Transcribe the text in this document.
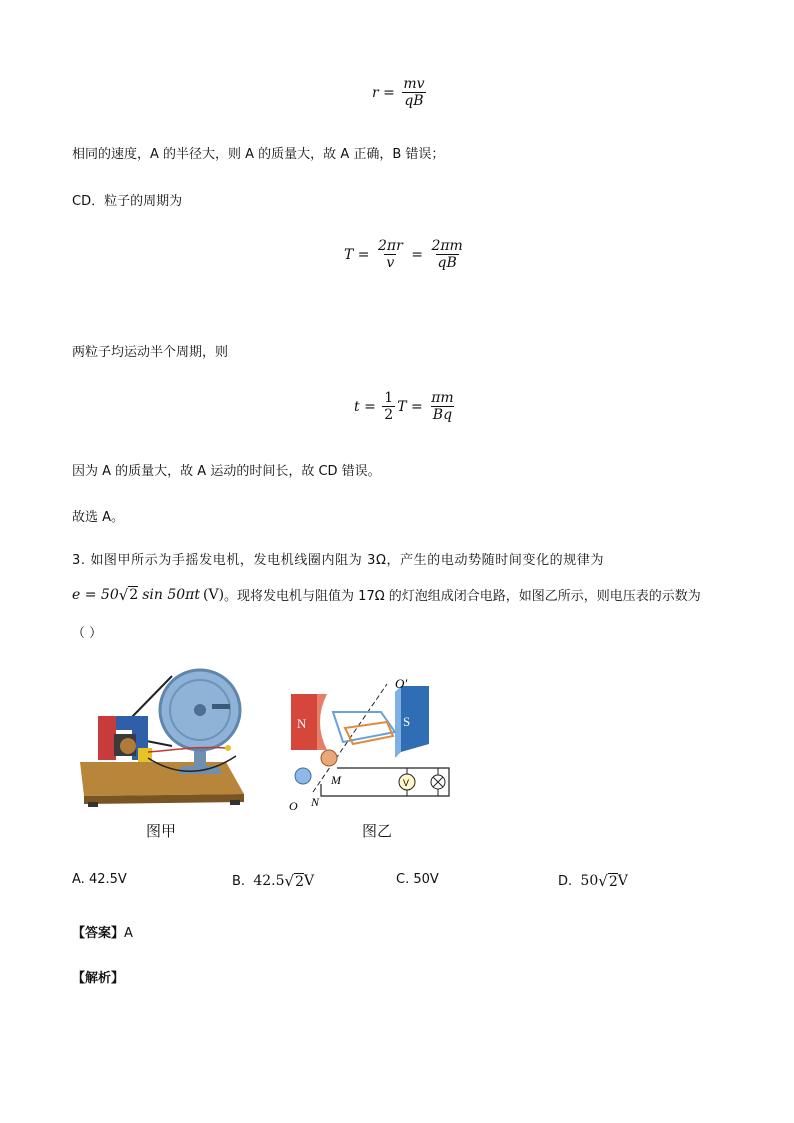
$r = \frac{mv}{qB}$
相同的速度，A 的半径大，则 A 的质量大，故 A 正确，B 错误；
CD．粒子的周期为
$T = \frac{2\pi r}{v} = \frac{2\pi m}{qB}$
两粒子均运动半个周期，则
$t = \frac{1}{2}$ $T = \frac{\pi m}{Bq}$
因为 A 的质量大，故 A 运动的时间长，故 CD 错误。
故选 A。
3. 如图甲所示为手摇发电机，发电机线圈内阻为 3Ω，产生的电动势随时间变化的规律为
e = 50 √ 2 sin 50πt (V) 。现将发电机与阻值为 17Ω 的灯泡组成闭合电路，如图乙所示，则电压表的示数为
（ ）
图甲
N	S
O′
M
N
O
V
图乙
A.
42.5V	B.
42.5 √ 2 V	C.
50V	D.
50 √ 2 V
【答案】A
【解析】
